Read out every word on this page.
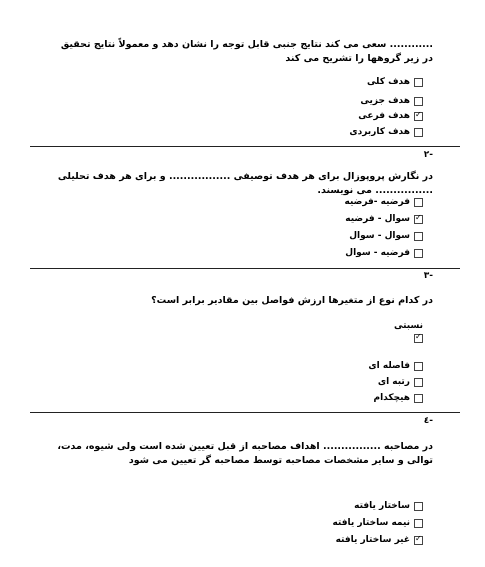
............ سعی می کند نتایج جنبی قابل توجه را نشان دهد و معمولاً نتایج تحقیق در زیر گروهها را تشریح می کند
هدف کلی
هدف جزیی
✓هدف فرعی
هدف کاربردی
-۲
در نگارش پروپوزال برای هر هدف توصیفی ................. و برای هر هدف تحلیلی ................ می نویسند.
فرضیه -فرضیه
✓سوال - فرضیه
سوال - سوال
فرضیه - سوال
-۳
در کدام نوع از متغیرها ارزش فواصل بین مقادیر برابر است؟
نسبتی
✓
فاصله ای
رتبه ای
هیچکدام
-٤
در مصاحبه ................ اهداف مصاحبه از قبل تعیین شده است ولی شیوه، مدت، توالی و سایر مشخصات مصاحبه توسط مصاحبه گر تعیین می شود
ساختار یافته
نیمه ساختار یافته
✓غیر ساختار یافته
